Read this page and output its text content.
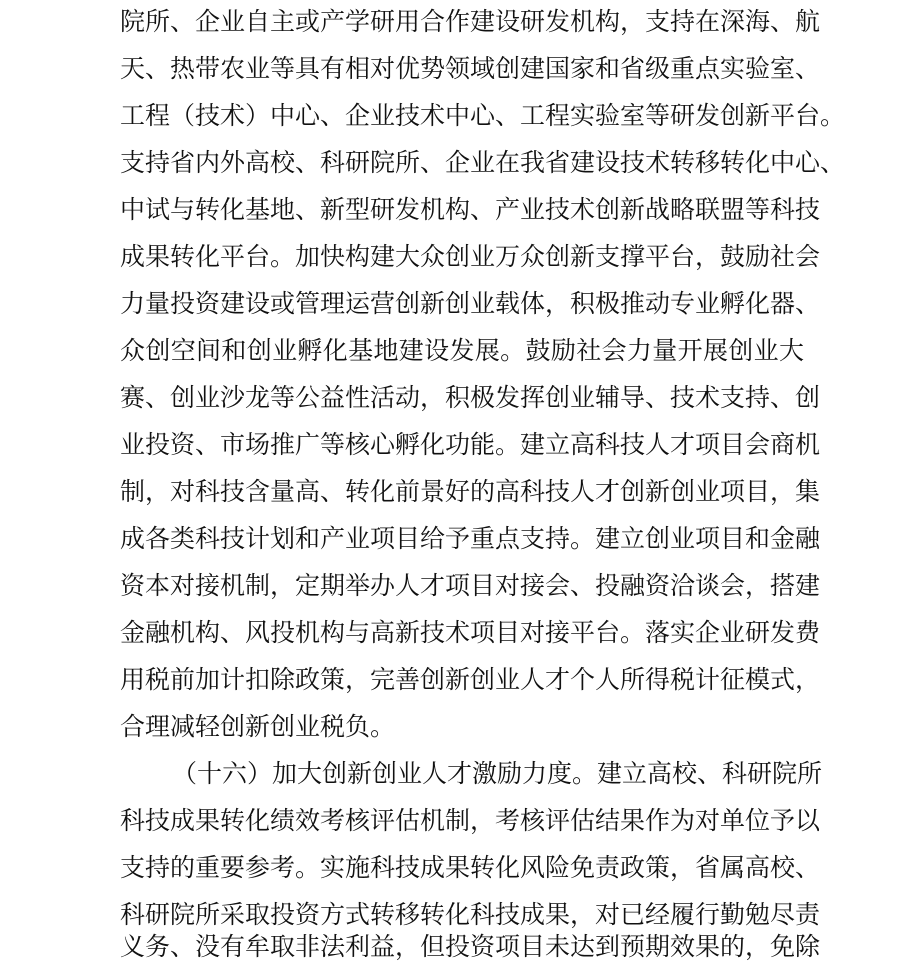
院所、企业自主或产学研用合作建设研发机构，支持在深海、航
天、热带农业等具有相对优势领域创建国家和省级重点实验室、
工程（技术）中心、企业技术中心、工程实验室等研发创新平台。
支持省内外高校、科研院所、企业在我省建设技术转移转化中心、
中试与转化基地、新型研发机构、产业技术创新战略联盟等科技
成果转化平台。加快构建大众创业万众创新支撑平台，鼓励社会
力量投资建设或管理运营创新创业载体，积极推动专业孵化器、
众创空间和创业孵化基地建设发展。鼓励社会力量开展创业大
赛、创业沙龙等公益性活动，积极发挥创业辅导、技术支持、创
业投资、市场推广等核心孵化功能。建立高科技人才项目会商机
制，对科技含量高、转化前景好的高科技人才创新创业项目，集
成各类科技计划和产业项目给予重点支持。建立创业项目和金融
资本对接机制，定期举办人才项目对接会、投融资洽谈会，搭建
金融机构、风投机构与高新技术项目对接平台。落实企业研发费
用税前加计扣除政策，完善创新创业人才个人所得税计征模式，
合理减轻创新创业税负。
（十六）加大创新创业人才激励力度。建立高校、科研院所
科技成果转化绩效考核评估机制，考核评估结果作为对单位予以
支持的重要参考。实施科技成果转化风险免责政策，省属高校、
科研院所采取投资方式转移转化科技成果，对已经履行勤勉尽责
义务、没有牟取非法利益，但投资项目未达到预期效果的，免除
